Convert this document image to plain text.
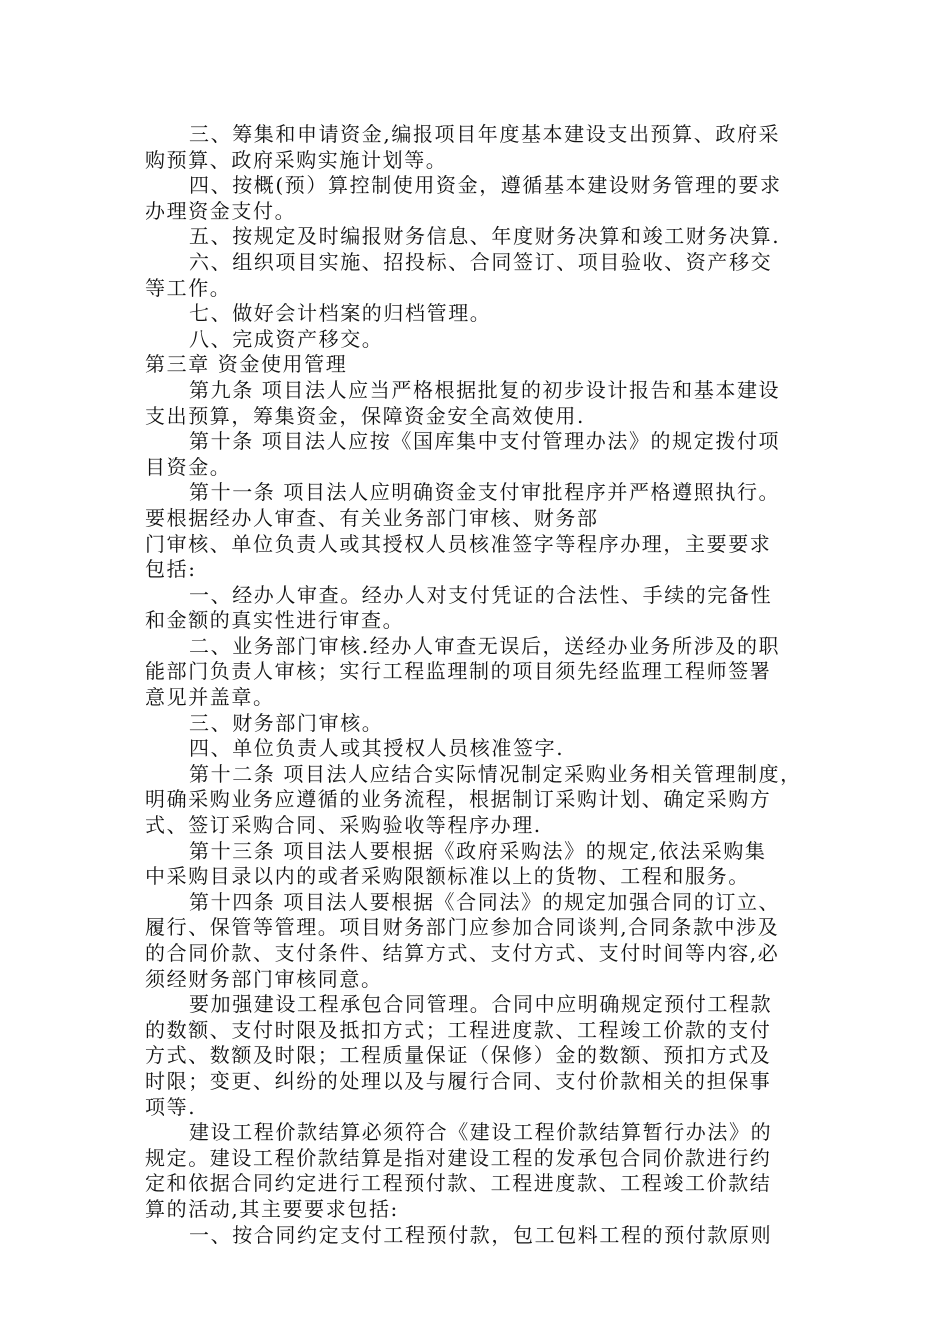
三、筹集和申请资金,编报项目年度基本建设支出预算、政府采
购预算、政府采购实施计划等。
四、按概(预）算控制使用资金，遵循基本建设财务管理的要求
办理资金支付。
五、按规定及时编报财务信息、年度财务决算和竣工财务决算.
六、组织项目实施、招投标、合同签订、项目验收、资产移交
等工作。
七、做好会计档案的归档管理。
八、完成资产移交。
第三章 资金使用管理
第九条 项目法人应当严格根据批复的初步设计报告和基本建设
支出预算，筹集资金，保障资金安全高效使用.
第十条 项目法人应按《国库集中支付管理办法》的规定拨付项
目资金。
第十一条 项目法人应明确资金支付审批程序并严格遵照执行。
要根据经办人审查、有关业务部门审核、财务部
门审核、单位负责人或其授权人员核准签字等程序办理，主要要求
包括:
一、经办人审查。经办人对支付凭证的合法性、手续的完备性
和金额的真实性进行审查。
二、业务部门审核.经办人审查无误后，送经办业务所涉及的职
能部门负责人审核；实行工程监理制的项目须先经监理工程师签署
意见并盖章。
三、财务部门审核。
四、单位负责人或其授权人员核准签字.
第十二条 项目法人应结合实际情况制定采购业务相关管理制度，
明确采购业务应遵循的业务流程，根据制订采购计划、确定采购方
式、签订采购合同、采购验收等程序办理.
第十三条 项目法人要根据《政府采购法》的规定,依法采购集
中采购目录以内的或者采购限额标准以上的货物、工程和服务。
第十四条 项目法人要根据《合同法》的规定加强合同的订立、
履行、保管等管理。项目财务部门应参加合同谈判,合同条款中涉及
的合同价款、支付条件、结算方式、支付方式、支付时间等内容,必
须经财务部门审核同意。
要加强建设工程承包合同管理。合同中应明确规定预付工程款
的数额、支付时限及抵扣方式；工程进度款、工程竣工价款的支付
方式、数额及时限；工程质量保证（保修）金的数额、预扣方式及
时限；变更、纠纷的处理以及与履行合同、支付价款相关的担保事
项等.
建设工程价款结算必须符合《建设工程价款结算暂行办法》的
规定。建设工程价款结算是指对建设工程的发承包合同价款进行约
定和依据合同约定进行工程预付款、工程进度款、工程竣工价款结
算的活动,其主要要求包括:
一、按合同约定支付工程预付款，包工包料工程的预付款原则
